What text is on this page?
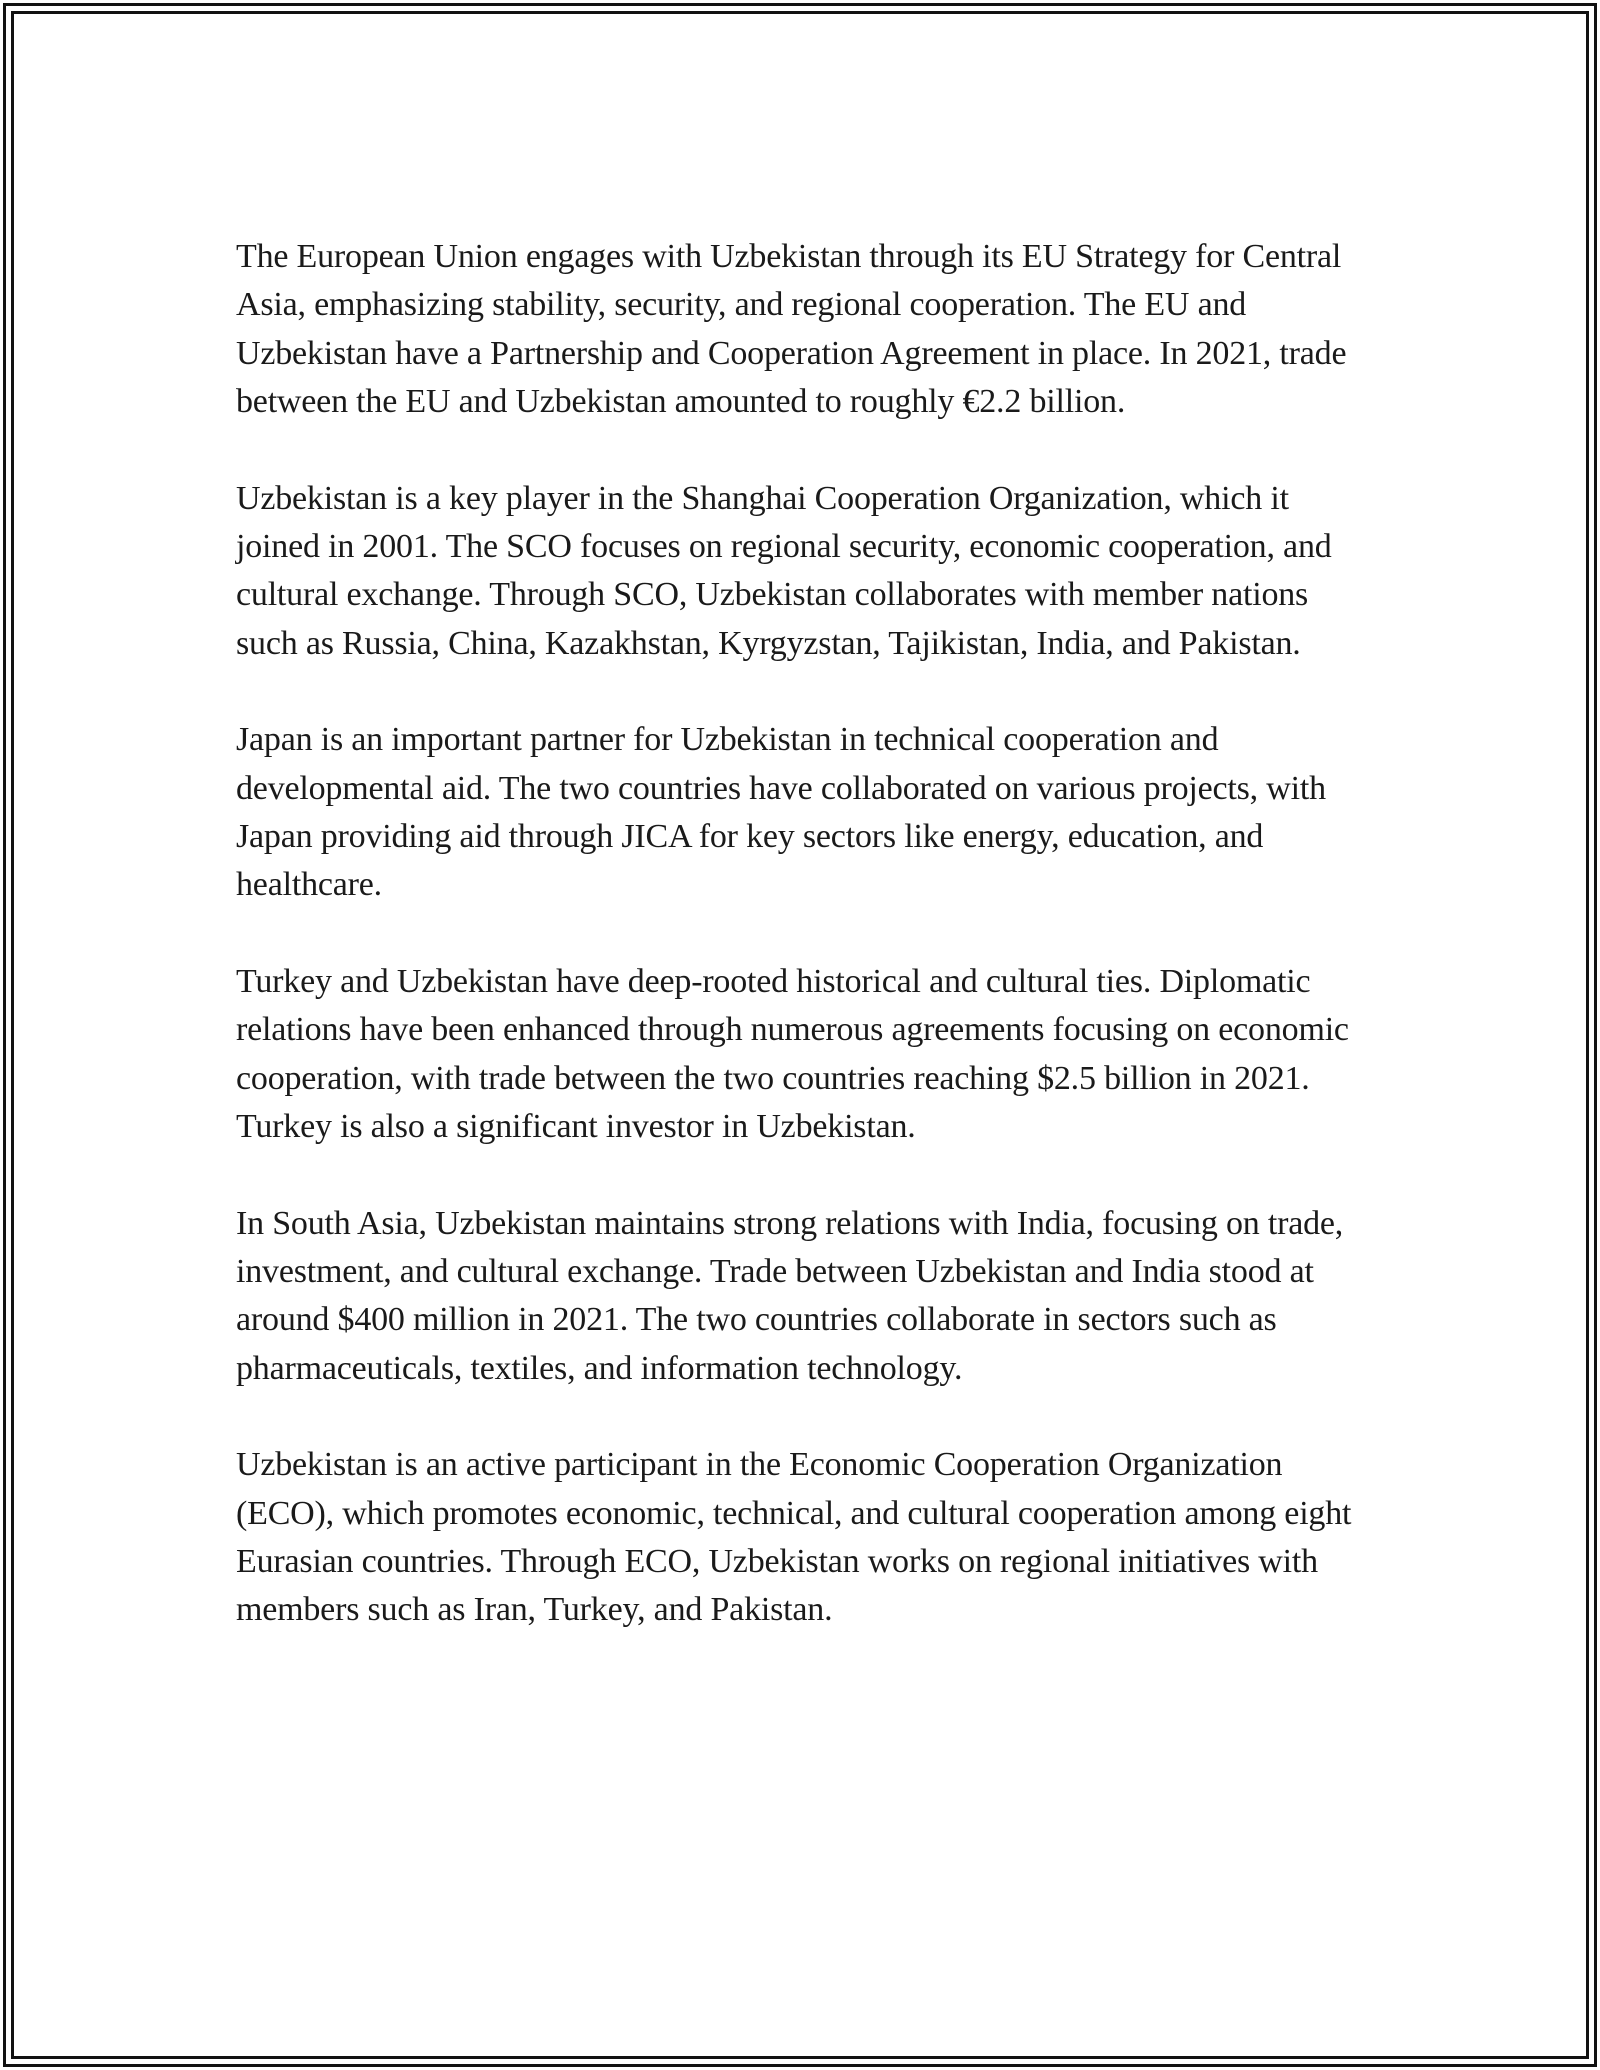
The European Union engages with Uzbekistan through its EU Strategy for Central Asia, emphasizing stability, security, and regional cooperation. The EU and Uzbekistan have a Partnership and Cooperation Agreement in place. In 2021, trade between the EU and Uzbekistan amounted to roughly €2.2 billion.

Uzbekistan is a key player in the Shanghai Cooperation Organization, which it joined in 2001. The SCO focuses on regional security, economic cooperation, and cultural exchange. Through SCO, Uzbekistan collaborates with member nations such as Russia, China, Kazakhstan, Kyrgyzstan, Tajikistan, India, and Pakistan.

Japan is an important partner for Uzbekistan in technical cooperation and developmental aid. The two countries have collaborated on various projects, with Japan providing aid through JICA for key sectors like energy, education, and healthcare.

Turkey and Uzbekistan have deep-rooted historical and cultural ties. Diplomatic relations have been enhanced through numerous agreements focusing on economic cooperation, with trade between the two countries reaching $2.5 billion in 2021. Turkey is also a significant investor in Uzbekistan.

In South Asia, Uzbekistan maintains strong relations with India, focusing on trade, investment, and cultural exchange. Trade between Uzbekistan and India stood at around $400 million in 2021. The two countries collaborate in sectors such as pharmaceuticals, textiles, and information technology.

Uzbekistan is an active participant in the Economic Cooperation Organization (ECO), which promotes economic, technical, and cultural cooperation among eight Eurasian countries. Through ECO, Uzbekistan works on regional initiatives with members such as Iran, Turkey, and Pakistan.
